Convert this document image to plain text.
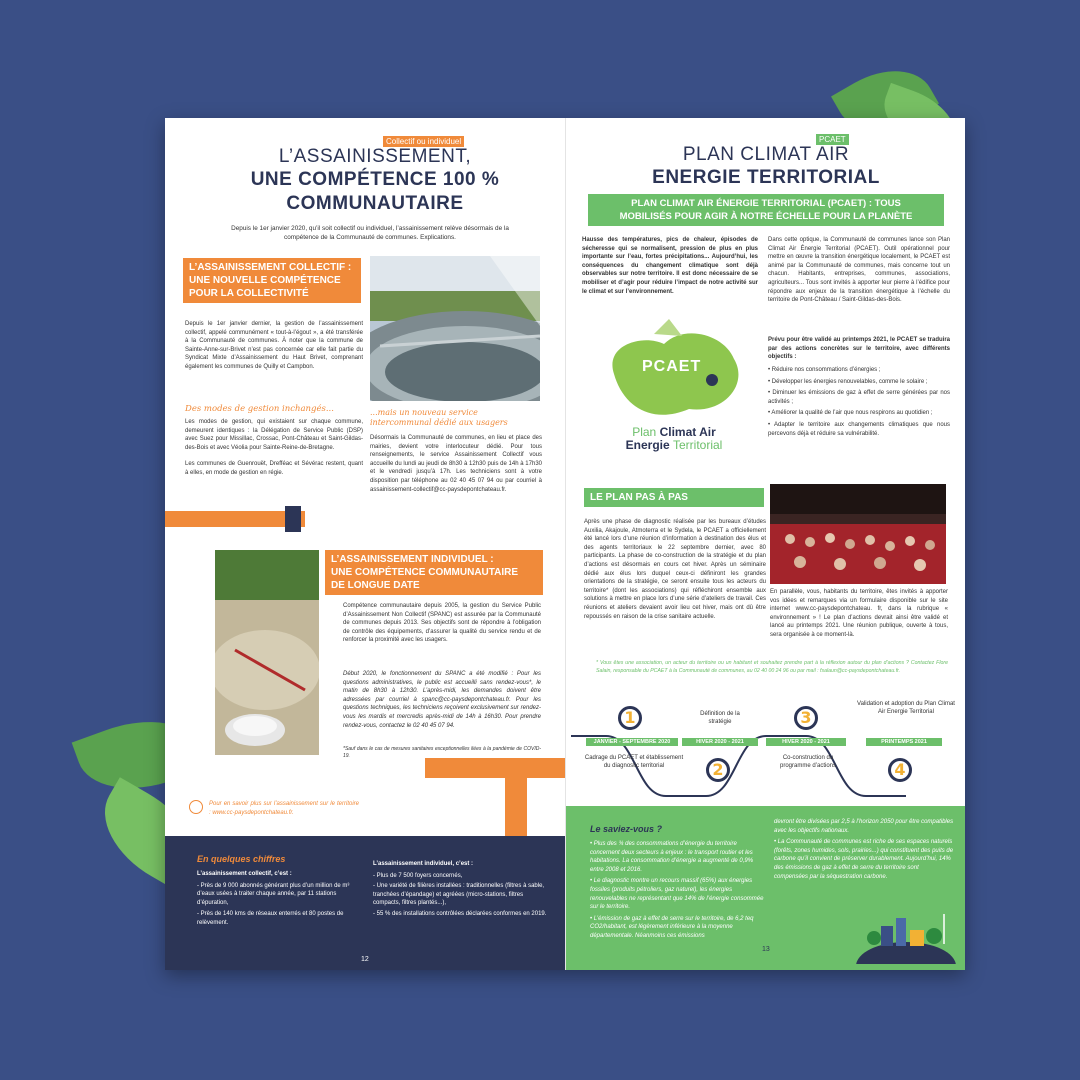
Collectif ou individuel
L’ASSAINISSEMENT,
UNE COMPÉTENCE 100 %
COMMUNAUTAIRE
Depuis le 1er janvier 2020, qu’il soit collectif ou individuel, l’assainissement relève désormais de la compétence de la Communauté de communes. Explications.
L’ASSAINISSEMENT COLLECTIF :
UNE NOUVELLE COMPÉTENCE
POUR LA COLLECTIVITÉ
Depuis le 1er janvier dernier, la gestion de l’assainissement collectif, appelé communément « tout-à-l’égout », a été transférée à la Communauté de communes. À noter que la commune de Sainte-Anne-sur-Brivet n’est pas concernée car elle fait partie du Syndicat Mixte d’Assainissement du Haut Brivet, comprenant également les communes de Quilly et Campbon.
Des modes de gestion inchangés...
Les modes de gestion, qui existaient sur chaque commune, demeurent identiques : la Délégation de Service Public (DSP) avec Suez pour Missillac, Crossac, Pont-Château et Saint-Gildas-des-Bois et avec Véolia pour Sainte-Reine-de-Bretagne.
Les communes de Guenrouët, Drefféac et Sévérac restent, quant à elles, en mode de gestion en régie.
...mais un nouveau service intercommunal dédié aux usagers
Désormais la Communauté de communes, en lieu et place des mairies, devient votre interlocuteur dédié. Pour tous renseignements, le service Assainissement Collectif vous accueille du lundi au jeudi de 8h30 à 12h30 puis de 14h à 17h30 et le vendredi jusqu’à 17h. Les techniciens sont à votre disposition par téléphone au 02 40 45 07 94 ou par courriel à assainissement-collectif@cc-paysdepontchateau.fr.
L’ASSAINISSEMENT INDIVIDUEL :
UNE COMPÉTENCE COMMUNAUTAIRE
DE LONGUE DATE
Compétence communautaire depuis 2005, la gestion du Service Public d’Assainissement Non Collectif (SPANC) est assurée par la Communauté de communes depuis 2013. Ses objectifs sont de répondre à l’obligation de contrôle des équipements, d’assurer la qualité du service rendu et de renforcer la proximité avec les usagers.
Début 2020, le fonctionnement du SPANC a été modifié : Pour les questions administratives, le public est accueilli sans rendez-vous*, le matin de 8h30 à 12h30. L’après-midi, les demandes doivent être adressées par courriel à spanc@cc-paysdepontchateau.fr. Pour les questions techniques, les techniciens reçoivent exclusivement sur rendez-vous les mardis et mercredis après-midi de 14h à 16h30. Pour prendre rendez-vous, contactez le 02 40 45 07 94.
*Sauf dans le cas de mesures sanitaires exceptionnelles liées à la pandémie de COVID-19.
Pour en savoir plus sur l’assainissement sur le territoire : www.cc-paysdepontchateau.fr.
En quelques chiffres
L’assainissement collectif, c’est :
- Près de 9 000 abonnés générant plus d’un million de m³ d’eaux usées à traiter chaque année, par 11 stations d’épuration,
- Près de 140 kms de réseaux enterrés et 80 postes de relèvement.
L’assainissement individuel, c’est :
- Plus de 7 500 foyers concernés,
- Une variété de filières installées : traditionnelles (filtres à sable, tranchées d’épandage) et agréées (micro-stations, filtres compacts, filtres plantés...),
- 55 % des installations contrôlées déclarées conformes en 2019.
12
PCAET
PLAN CLIMAT AIR
ENERGIE TERRITORIAL
PLAN CLIMAT AIR ÉNERGIE TERRITORIAL (PCAET) : TOUS
MOBILISÉS POUR AGIR À NOTRE ÉCHELLE POUR LA PLANÈTE
Hausse des températures, pics de chaleur, épisodes de sécheresse qui se normalisent, pression de plus en plus importante sur l’eau, fortes précipitations... Aujourd’hui, les conséquences du changement climatique sont déjà observables sur notre territoire. Il est donc nécessaire de se mobiliser et d’agir pour réduire l’impact de notre activité sur le climat et sur l’environnement.
PCAET
Plan Climat Air
Energie Territorial
Dans cette optique, la Communauté de communes lance son Plan Climat Air Énergie Territorial (PCAET). Outil opérationnel pour mettre en œuvre la transition énergétique localement, le PCAET est animé par la Communauté de communes, mais concerne tout un chacun. Habitants, entreprises, communes, associations, agriculteurs... Tous sont invités à apporter leur pierre à l’édifice pour répondre aux enjeux de la transition énergétique à l’échelle du territoire de Pont-Château / Saint-Gildas-des-Bois.
Prévu pour être validé au printemps 2021, le PCAET se traduira par des actions concrètes sur le territoire, avec différents objectifs :
• Réduire nos consommations d’énergies ;
• Développer les énergies renouvelables, comme le solaire ;
• Diminuer les émissions de gaz à effet de serre générées par nos activités ;
• Améliorer la qualité de l’air que nous respirons au quotidien ;
• Adapter le territoire aux changements climatiques que nous percevons déjà et réduire sa vulnérabilité.
LE PLAN PAS À PAS
Après une phase de diagnostic réalisée par les bureaux d’études Auxilia, Akajoule, Atmoterra et le Sydela, le PCAET a officiellement été lancé lors d’une réunion d’information à destination des élus et des agents territoriaux le 22 septembre dernier, avec 80 participants. La phase de co-construction de la stratégie et du plan d’actions est désormais en cours cet hiver. Après un séminaire dédié aux élus lors duquel ceux-ci définiront les grandes orientations de la stratégie, ce seront ensuite tous les acteurs du territoire* (dont les associations) qui réfléchiront ensemble aux solutions à mettre en place lors d’une série d’ateliers de travail. Ces réunions et ateliers devaient avoir lieu cet hiver, mais ont dû être repoussés en raison de la crise sanitaire actuelle.
En parallèle, vous, habitants du territoire, êtes invités à apporter vos idées et remarques via un formulaire disponible sur le site internet www.cc-paysdepontchateau. fr, dans la rubrique « environnement » ! Le plan d’actions devrait ainsi être validé et lancé au printemps 2021. Une réunion publique, ouverte à tous, sera organisée à ce moment-là.
* Vous êtes une association, un acteur du territoire ou un habitant et souhaitez prendre part à la réflexion autour du plan d’actions ? Contactez Flore Salain, responsable du PCAET à la Communauté de communes, au 02 40 00 24 96 ou par mail : fsalaun@cc-paysdepontchateau.fr.
1
JANVIER - SEPTEMBRE 2020
Cadrage du PCAET et établissement du diagnostic territorial	2
HIVER 2020 - 2021
Définition de la stratégie	3
HIVER 2020 - 2021
Co-construction du programme d’actions	4
PRINTEMPS 2021
Validation et adoption du Plan Climat Air Energie Territorial
Le saviez-vous ?
• Plus des ¾ des consommations d’énergie du territoire concernent deux secteurs à enjeux : le transport routier et les habitations. La consommation d’énergie a augmenté de 0,9% entre 2008 et 2016.
• Le diagnostic montre un recours massif (65%) aux énergies fossiles (produits pétroliers, gaz naturel), les énergies renouvelables ne représentant que 14% de l’énergie consommée sur le territoire.
• L’émission de gaz à effet de serre sur le territoire, de 6,2 teq CO2/habitant, est légèrement inférieure à la moyenne départementale. Néanmoins ces émissions
devront être divisées par 2,5 à l’horizon 2050 pour être compatibles avec les objectifs nationaux.
• La Communauté de communes est riche de ses espaces naturels (forêts, zones humides, sols, prairies...) qui constituent des puits de carbone qu’il convient de préserver durablement. Aujourd’hui, 14% des émissions de gaz à effet de serre du territoire sont compensées par la séquestration carbone.
13
